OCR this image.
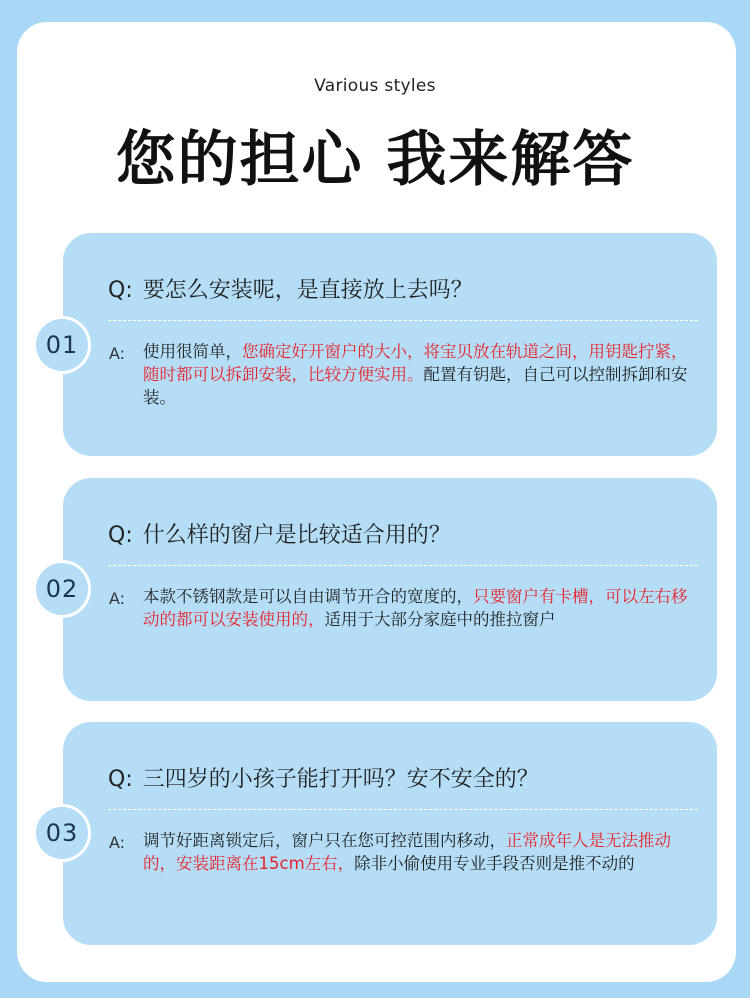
Various styles
您的担心 我来解答
Q: 要怎么安装呢，是直接放上去吗？
A: 使用很简单，您确定好开窗户的大小，将宝贝放在轨道之间，用钥匙拧紧，随时都可以拆卸安装，比较方便实用。配置有钥匙，自己可以控制拆卸和安装。
01
Q: 什么样的窗户是比较适合用的？
A: 本款不锈钢款是可以自由调节开合的宽度的，只要窗户有卡槽，可以左右移动的都可以安装使用的，适用于大部分家庭中的推拉窗户
02
Q: 三四岁的小孩子能打开吗？安不安全的？
A: 调节好距离锁定后，窗户只在您可控范围内移动，正常成年人是无法推动的，安装距离在15cm左右，除非小偷使用专业手段否则是推不动的
03
